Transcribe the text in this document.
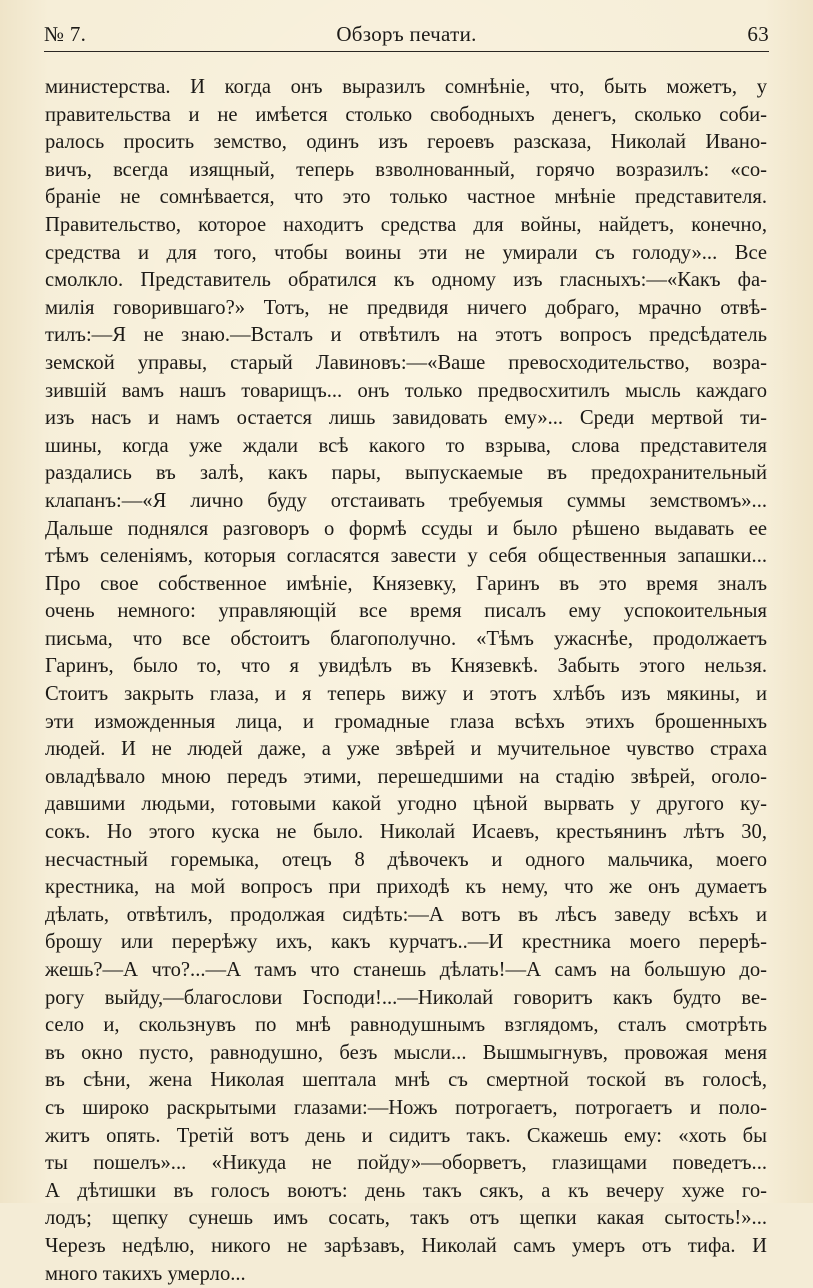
№ 7.	Обзоръ печати.	63
министерства. И когда онъ выразилъ сомнѣніе, что, быть можетъ, у
правительства и не имѣется столько свободныхъ денегъ, сколько соби-
ралось просить земство, одинъ изъ героевъ разсказа, Николай Ивано-
вичъ, всегда изящный, теперь взволнованный, горячо возразилъ: «со-
браніе не сомнѣвается, что это только частное мнѣніе представителя.
Правительство, которое находитъ средства для войны, найдетъ, конечно,
средства и для того, чтобы воины эти не умирали съ голоду»... Все
смолкло. Представитель обратился къ одному изъ гласныхъ:—«Какъ фа-
милія говорившаго?» Тотъ, не предвидя ничего добраго, мрачно отвѣ-
тилъ:—Я не знаю.—Всталъ и отвѣтилъ на этотъ вопросъ предсѣдатель
земской управы, старый Лавиновъ:—«Ваше превосходительство, возра-
зившій вамъ нашъ товарищъ... онъ только предвосхитилъ мысль каждаго
изъ насъ и намъ остается лишь завидовать ему»... Среди мертвой ти-
шины, когда уже ждали всѣ какого то взрыва, слова представителя
раздались въ залѣ, какъ пары, выпускаемые въ предохранительный
клапанъ:—«Я лично буду отстаивать требуемыя суммы земствомъ»...
Дальше поднялся разговоръ о формѣ ссуды и было рѣшено выдавать ее
тѣмъ селеніямъ, которыя согласятся завести у себя общественныя запашки...
Про свое собственное имѣніе, Князевку, Гаринъ въ это время зналъ
очень немного: управляющій все время писалъ ему успокоительныя
письма, что все обстоитъ благополучно. «Тѣмъ ужаснѣе, продолжаетъ
Гаринъ, было то, что я увидѣлъ въ Князевкѣ. Забыть этого нельзя.
Стоитъ закрыть глаза, и я теперь вижу и этотъ хлѣбъ изъ мякины, и
эти изможденныя лица, и громадные глаза всѣхъ этихъ брошенныхъ
людей. И не людей даже, а уже звѣрей и мучительное чувство страха
овладѣвало мною передъ этими, перешедшими на стадію звѣрей, оголо-
давшими людьми, готовыми какой угодно цѣной вырвать у другого ку-
сокъ. Но этого куска не было. Николай Исаевъ, крестьянинъ лѣтъ 30,
несчастный горемыка, отецъ 8 дѣвочекъ и одного мальчика, моего
крестника, на мой вопросъ при приходѣ къ нему, что же онъ думаетъ
дѣлать, отвѣтилъ, продолжая сидѣть:—А вотъ въ лѣсъ заведу всѣхъ и
брошу или перерѣжу ихъ, какъ курчатъ..—И крестника моего перерѣ-
жешь?—А что?...—А тамъ что станешь дѣлать!—А самъ на большую до-
рогу выйду,—благослови Господи!...—Николай говоритъ какъ будто ве-
село и, скользнувъ по мнѣ равнодушнымъ взглядомъ, сталъ смотрѣть
въ окно пусто, равнодушно, безъ мысли... Вышмыгнувъ, провожая меня
въ сѣни, жена Николая шептала мнѣ съ смертной тоской въ голосѣ,
съ широко раскрытыми глазами:—Ножъ потрогаетъ, потрогаетъ и поло-
житъ опять. Третій вотъ день и сидитъ такъ. Скажешь ему: «хоть бы
ты пошелъ»... «Никуда не пойду»—оборветъ, глазищами поведетъ...
А дѣтишки въ голосъ воютъ: день такъ сякъ, а къ вечеру хуже го-
лодъ; щепку сунешь имъ сосать, такъ отъ щепки какая сытость!»...
Черезъ недѣлю, никого не зарѣзавъ, Николай самъ умеръ отъ тифа. И
много такихъ умерло...
